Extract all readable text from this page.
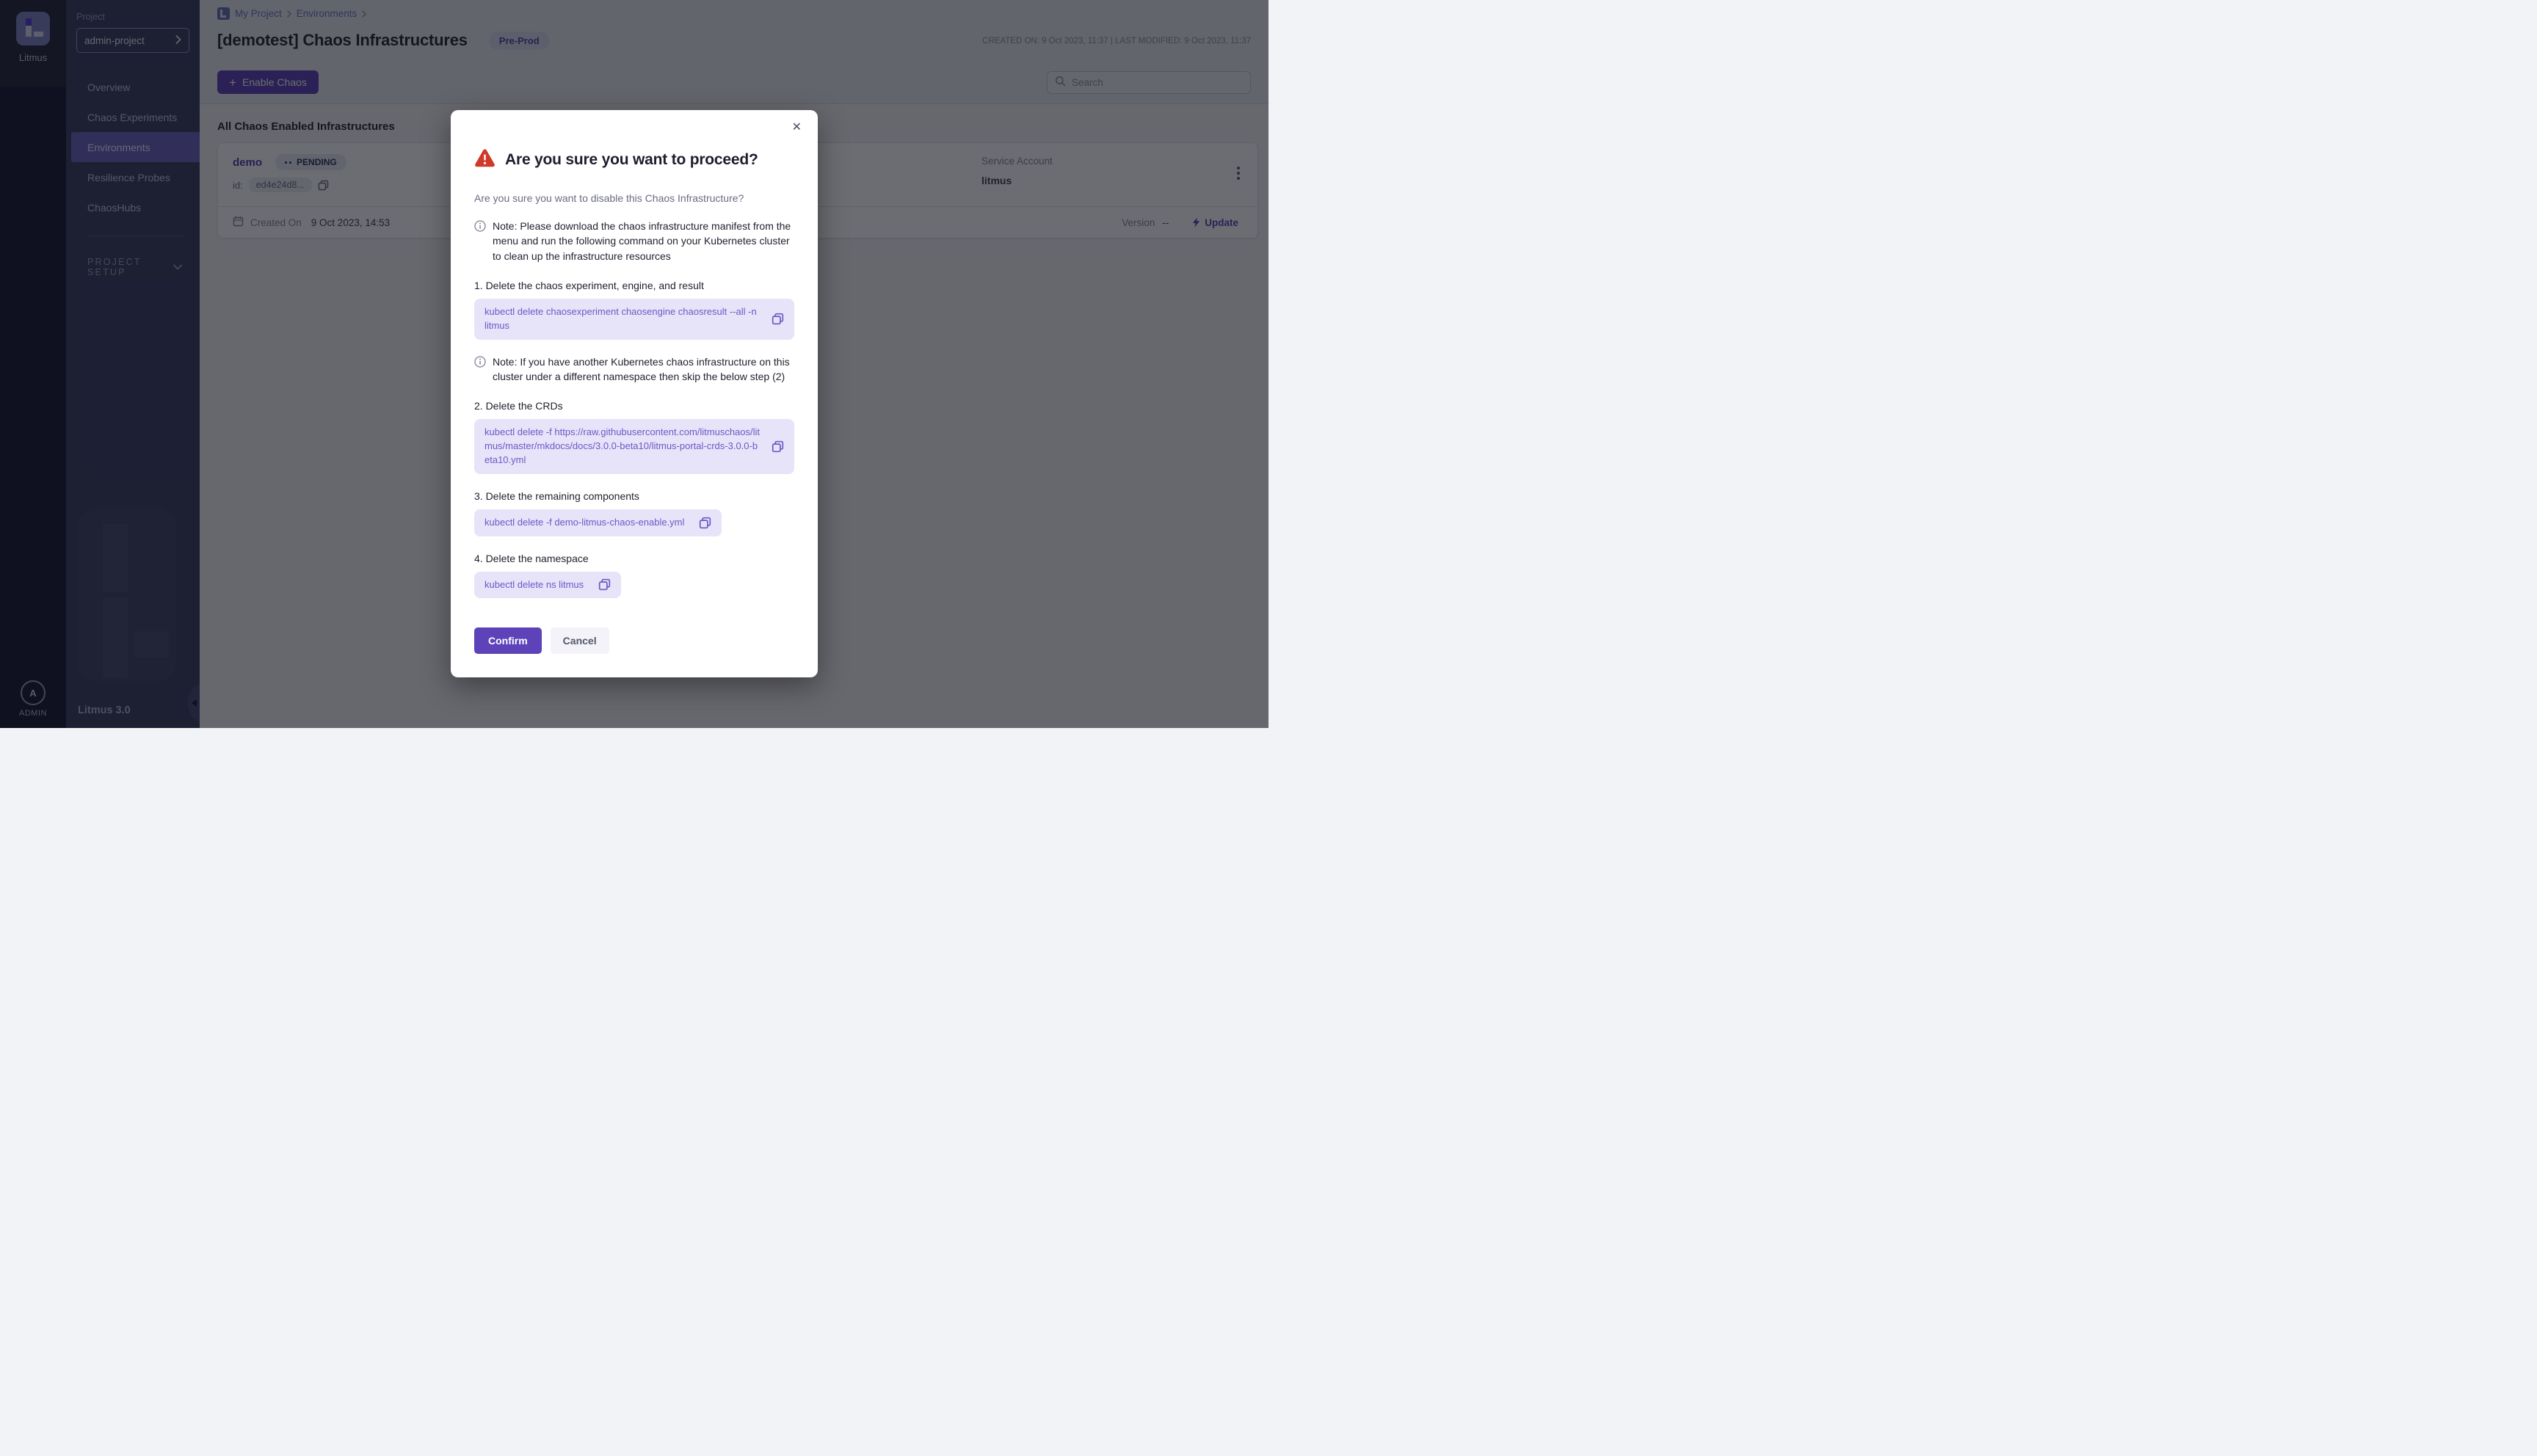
Search
✕
Are you sure you want to proceed?
Are you sure you want to disable this Chaos Infrastructure?
Note: Please download the chaos infrastructure manifest from the menu and run the following command on your Kubernetes cluster to clean up the infrastructure resources
1. Delete the chaos experiment, engine, and result
kubectl delete chaosexperiment chaosengine chaosresult --all -n litmus
Note: If you have another Kubernetes chaos infrastructure on this cluster under a different namespace then skip the below step (2)
2. Delete the CRDs
kubectl delete -f https://raw.githubusercontent.com/litmuschaos/litmus/master/mkdocs/docs/3.0.0-beta10/litmus-portal-crds-3.0.0-beta10.yml
3. Delete the remaining components
kubectl delete -f demo-litmus-chaos-enable.yml
4. Delete the namespace
kubectl delete ns litmus
Confirm	Cancel
